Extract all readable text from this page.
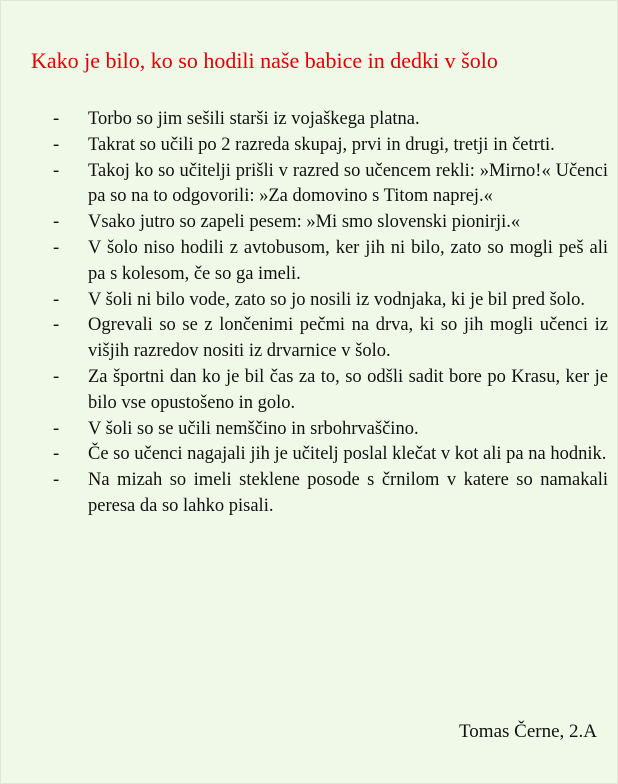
Kako je bilo, ko so hodili naše babice in dedki v šolo
-	Torbo so jim sešili starši iz vojaškega platna.
-	Takrat so učili po 2 razreda skupaj, prvi in drugi, tretji in četrti.
-	Takoj ko so učitelji prišli v razred so učencem rekli: »Mirno!« Učenci pa so na to odgovorili: »Za domovino s Titom naprej.«
-	Vsako jutro so zapeli pesem: »Mi smo slovenski pionirji.«
-	V šolo niso hodili z avtobusom, ker jih ni bilo, zato so mogli peš ali pa s kolesom, če so ga imeli.
-	V šoli ni bilo vode, zato so jo nosili iz vodnjaka, ki je bil pred šolo.
-	Ogrevali so se z lončenimi pečmi na drva, ki so jih mogli učenci iz višjih razredov nositi iz drvarnice v šolo.
-	Za športni dan ko je bil čas za to, so odšli sadit bore po Krasu, ker je bilo vse opustošeno in golo.
-	V šoli so se učili nemščino in srbohrvaščino.
-	Če so učenci nagajali jih je učitelj poslal klečat v kot ali pa na hodnik.
-	Na mizah so imeli steklene posode s črnilom v katere so namakali peresa da so lahko pisali.
Tomas Černe, 2.A
